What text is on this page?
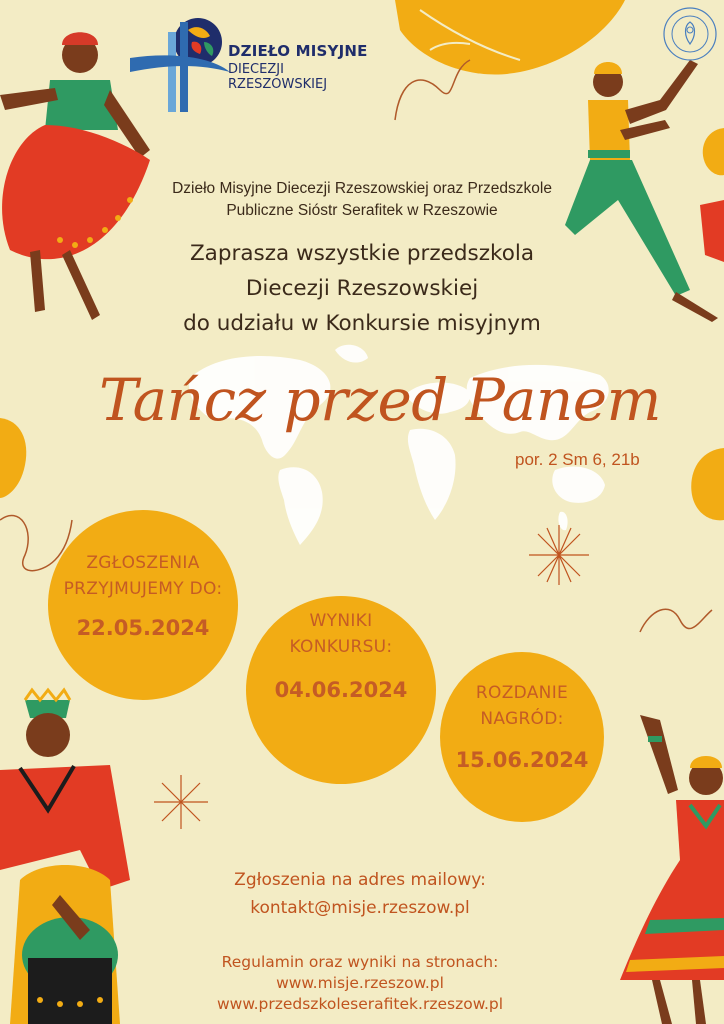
DZIEŁO MISYJNE
DIECEZJI RZESZOWSKIEJ
Dzieło Misyjne Diecezji Rzeszowskiej oraz Przedszkole
Publiczne Sióstr Serafitek w Rzeszowie
Zaprasza wszystkie przedszkola
Diecezji Rzeszowskiej
do udziału w Konkursie misyjnym
Tańcz przed Panem
por. 2 Sm 6, 21b
ZGŁOSZENIA
PRZYJMUJEMY DO:
22.05.2024	WYNIKI
KONKURSU:
04.06.2024	ROZDANIE
NAGRÓD:
15.06.2024
Zgłoszenia na adres mailowy:
kontakt@misje.rzeszow.pl
Regulamin oraz wyniki na stronach:
www.misje.rzeszow.pl
www.przedszkoleserafitek.rzeszow.pl
